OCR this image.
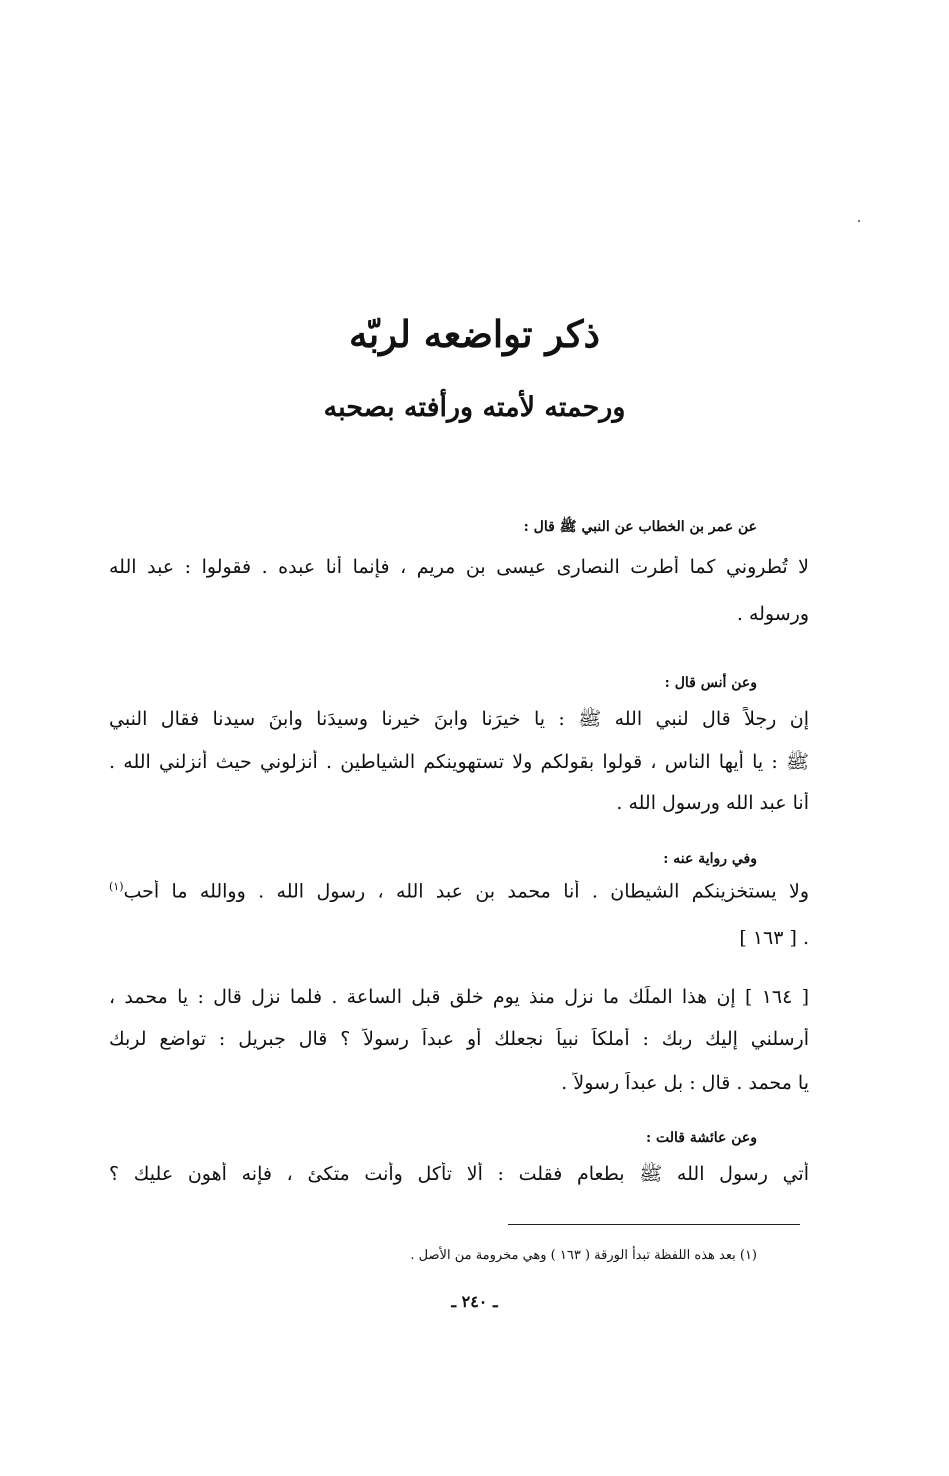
ذكر تواضعه لربّه
ورحمته لأمته ورأفته بصحبه
عن عمر بن الخطاب عن النبي ﷺ قال :
لا تُطروني كما أطرت النصارى عيسى بن مريم ، فإنما أنا عبده . فقولوا : عبد الله
ورسوله .
وعن أنس قال :
إن رجلاً قال لنبي الله ﷺ : يا خيرَنا وابنَ خيرنا وسيدَنا وابنَ سيدنا فقال النبي
ﷺ : يا أيها الناس ، قولوا بقولكم ولا تستهوينكم الشياطين . أنزلوني حيث أنزلني الله .
أنا عبد الله ورسول الله .
وفي رواية عنه :
ولا يستخزينكم الشيطان . أنا محمد بن عبد الله ، رسول الله . ووالله ما أحب$^{(١)}$
. [ ١٦٣ ]
[ ١٦٤ ] إن هذا الملَك ما نزل منذ يوم خلق قبل الساعة . فلما نزل قال : يا محمد ،
أرسلني إليك ربك : أملكاً نبياً نجعلك أو عبداً رسولاً ؟ قال جبريل : تواضع لربك
يا محمد . قال : بل عبداً رسولاً .
وعن عائشة قالت :
أُتي رسول الله ﷺ بطعام فقلت : ألا تأكل وأنت متكئ ، فإنه أهون عليك ؟
(١) بعد هذه اللفظة تبدأ الورقة ( ١٦٣ ) وهي مخرومة من الأصل .
ـ ٢٤٠ ـ
